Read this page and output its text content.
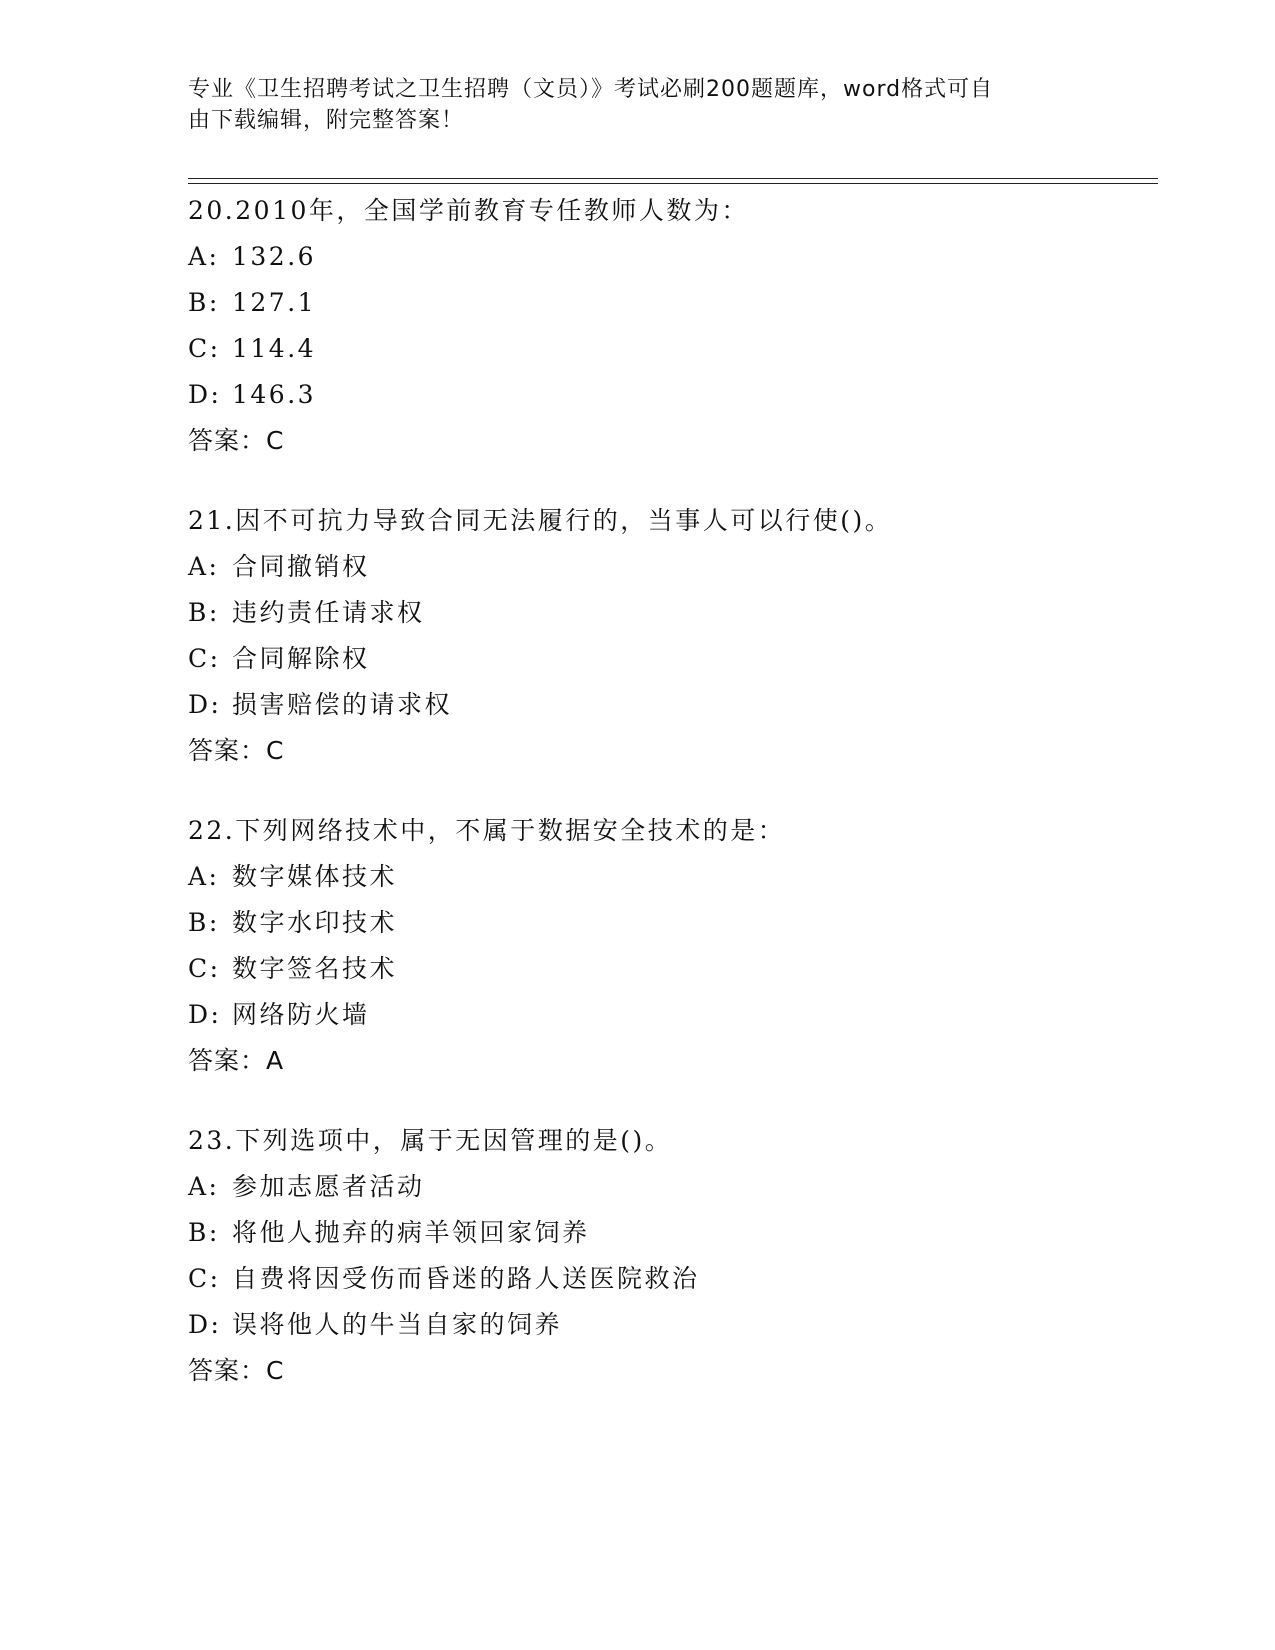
专业《卫生招聘考试之卫生招聘（文员）》考试必刷200题题库，word格式可自
由下载编辑，附完整答案！
20.2010年，全国学前教育专任教师人数为：
A: 132.6
B: 127.1
C: 114.4
D: 146.3
答案：C
21.因不可抗力导致合同无法履行的，当事人可以行使()。
A: 合同撤销权
B: 违约责任请求权
C: 合同解除权
D: 损害赔偿的请求权
答案：C
22.下列网络技术中，不属于数据安全技术的是：
A: 数字媒体技术
B: 数字水印技术
C: 数字签名技术
D: 网络防火墙
答案：A
23.下列选项中，属于无因管理的是()。
A: 参加志愿者活动
B: 将他人抛弃的病羊领回家饲养
C: 自费将因受伤而昏迷的路人送医院救治
D: 误将他人的牛当自家的饲养
答案：C
